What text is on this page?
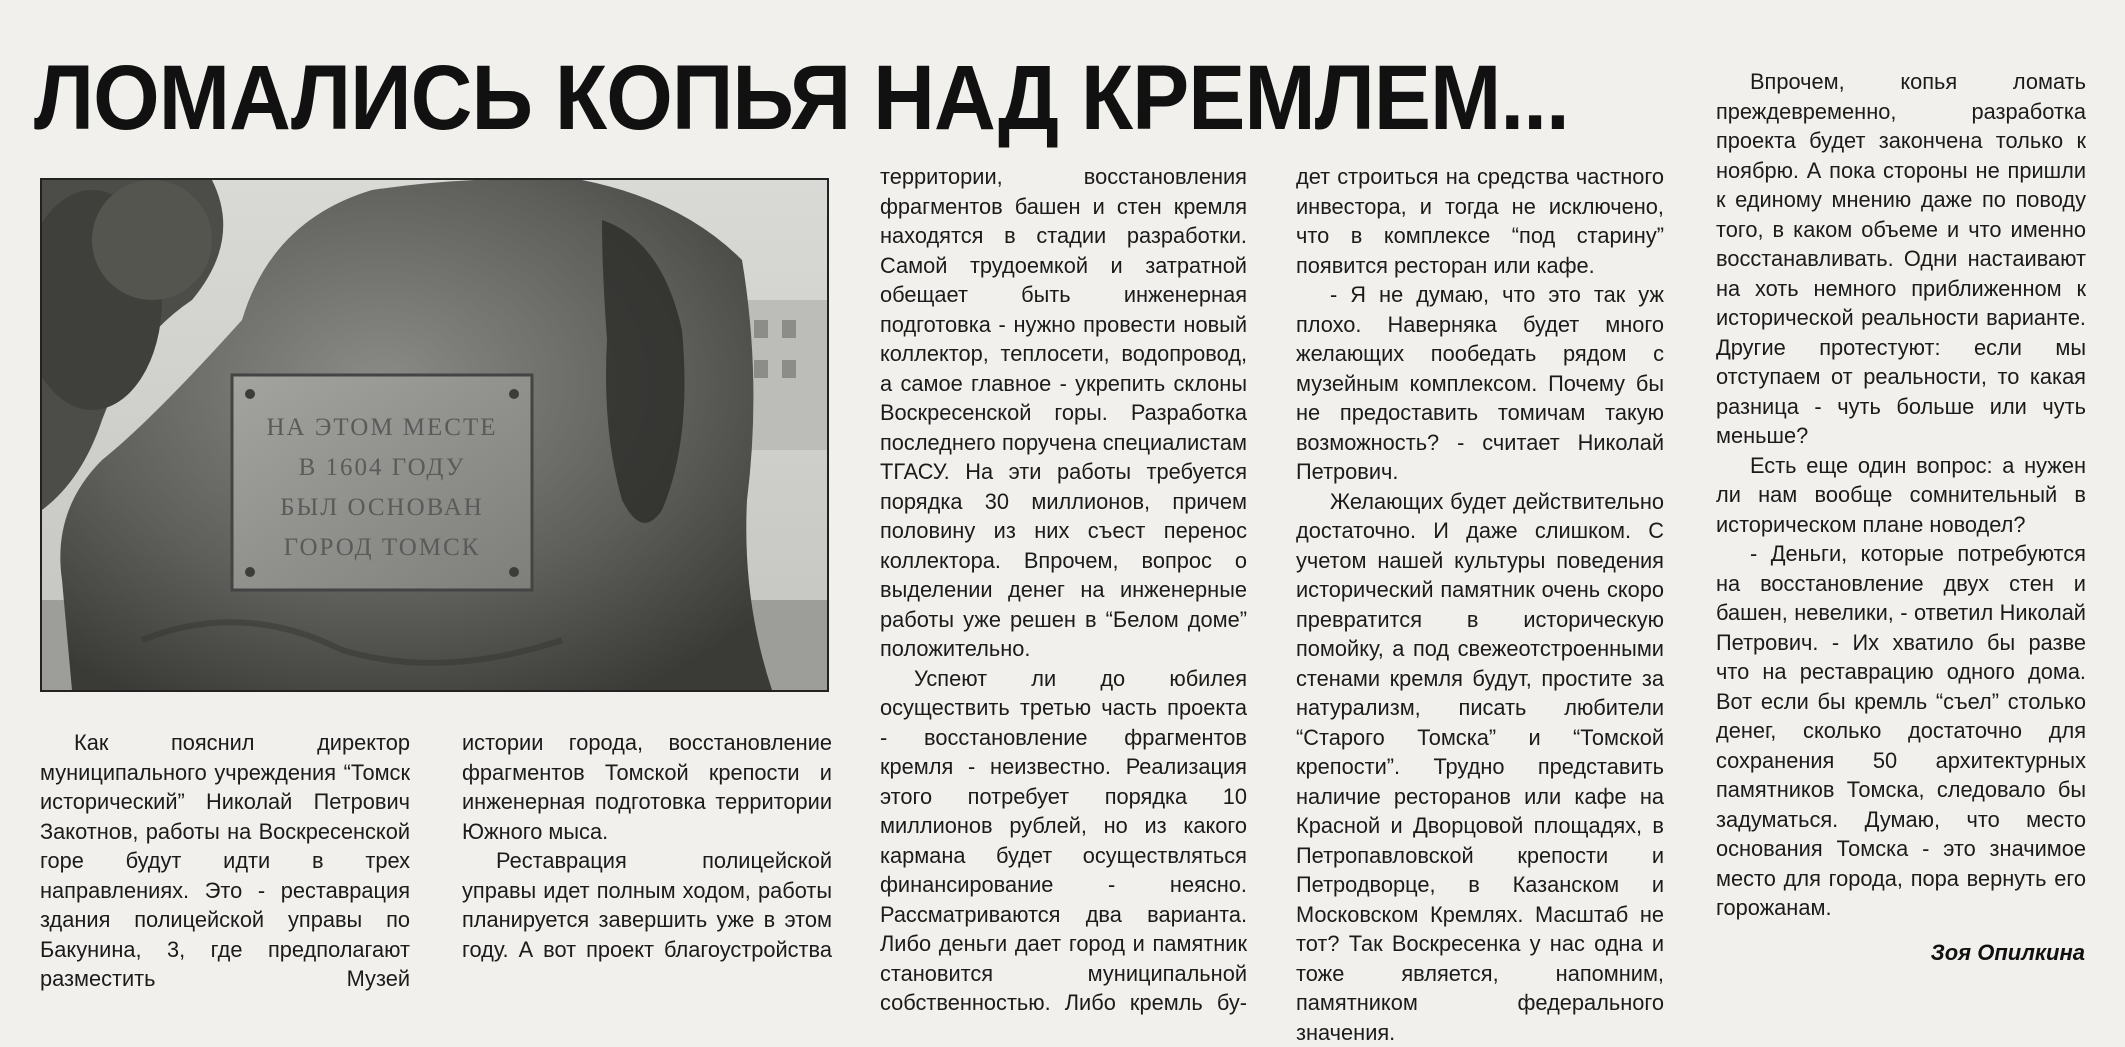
ЛОМАЛИСЬ КОПЬЯ НАД КРЕМЛЕМ...
НА ЭТОМ МЕСТЕ
В 1604 ГОДУ
БЫЛ ОСНОВАН
ГОРОД ТОМСК

Как пояснил директор муниципального учреждения “Томск исторический” Николай Петрович Закотнов, работы на Воскресенской горе будут идти в трех направлениях. Это - реставрация здания полицейской управы по Бакунина, 3, где предполагают разместить Музей

истории города, восстановление фрагментов Томской крепости и инженерная подготовка территории Южного мыса.

Реставрация полицейской управы идет полным ходом, работы планируется завершить уже в этом году. А вот проект благоустройства

территории, восстановления фрагментов башен и стен кремля находятся в стадии разработки. Самой трудоемкой и затратной обещает быть инженерная подготовка - нужно провести новый коллектор, теплосети, водопровод, а самое главное - укрепить склоны Воскресенской горы. Разработка последнего поручена специалистам ТГАСУ. На эти работы требуется порядка 30 миллионов, причем половину из них съест перенос коллектора. Впрочем, вопрос о выделении денег на инженерные работы уже решен в “Белом доме” положительно.

Успеют ли до юбилея осуществить третью часть проекта - восстановление фрагментов кремля - неизвестно. Реализация этого потребует порядка 10 миллионов рублей, но из какого кармана будет осуществляться финансирование - неясно. Рассматриваются два варианта. Либо деньги дает город и памятник становится муниципальной собственностью. Либо кремль бу-

дет строиться на средства частного инвестора, и тогда не исключено, что в комплексе “под старину” появится ресторан или кафе.

- Я не думаю, что это так уж плохо. Наверняка будет много желающих пообедать рядом с музейным комплексом. Почему бы не предоставить томичам такую возможность? - считает Николай Петрович.

Желающих будет действительно достаточно. И даже слишком. С учетом нашей культуры поведения исторический памятник очень скоро превратится в историческую помойку, а под свежеотстроенными стенами кремля будут, простите за натурализм, писать любители “Старого Томска” и “Томской крепости”. Трудно представить наличие ресторанов или кафе на Красной и Дворцовой площадях, в Петропавловской крепости и Петродворце, в Казанском и Московском Кремлях. Масштаб не тот? Так Воскресенка у нас одна и тоже является, напомним, памятником федерального значения.

Впрочем, копья ломать преждевременно, разработка проекта будет закончена только к ноябрю. А пока стороны не пришли к единому мнению даже по поводу того, в каком объеме и что именно восстанавливать. Одни настаивают на хоть немного приближенном к исторической реальности варианте. Другие протестуют: если мы отступаем от реальности, то какая разница - чуть больше или чуть меньше?

Есть еще один вопрос: а нужен ли нам вообще сомнительный в историческом плане новодел?

- Деньги, которые потребуются на восстановление двух стен и башен, невелики, - ответил Николай Петрович. - Их хватило бы разве что на реставрацию одного дома. Вот если бы кремль “съел” столько денег, сколько достаточно для сохранения 50 архитектурных памятников Томска, следовало бы задуматься. Думаю, что место основания Томска - это значимое место для города, пора вернуть его горожанам.

Зоя Опилкина
